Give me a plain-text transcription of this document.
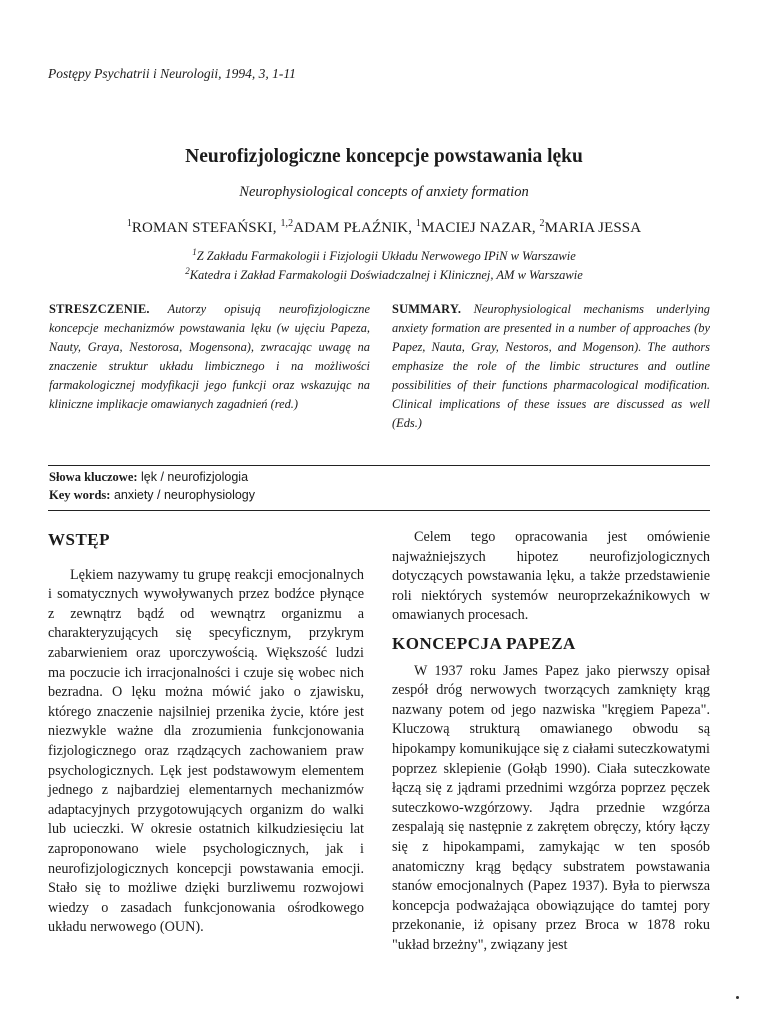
Postępy Psychatrii i Neurologii, 1994, 3, 1-11
Neurofizjologiczne koncepcje powstawania lęku
Neurophysiological concepts of anxiety formation
$^1$ROMAN STEFAŃSKI, $^{1,2}$ADAM PŁAŹNIK, $^1$MACIEJ NAZAR, $^2$MARIA JESSA
$^1$Z Zakładu Farmakologii i Fizjologii Układu Nerwowego IPiN w Warszawie
$^2$Katedra i Zakład Farmakologii Doświadczalnej i Klinicznej, AM w Warszawie
STRESZCZENIE. Autorzy opisują neurofizjologiczne koncepcje mechanizmów powstawania lęku (w ujęciu Papeza, Nauty, Graya, Nestorosa, Mogensona), zwracając uwagę na znaczenie struktur układu limbicznego i na możliwości farmakologicznej modyfikacji jego funkcji oraz wskazując na kliniczne implikacje omawianych zagadnień (red.)
SUMMARY. Neurophysiological mechanisms underlying anxiety formation are presented in a number of approaches (by Papez, Nauta, Gray, Nestoros, and Mogenson). The authors emphasize the role of the limbic structures and outline possibilities of their functions pharmacological modification. Clinical implications of these issues are discussed as well (Eds.)
Słowa kluczowe: lęk / neurofizjologia
Key words: anxiety / neurophysiology
WSTĘP

Lękiem nazywamy tu grupę reakcji emocjonalnych i somatycznych wywoływanych przez bodźce płynące z zewnątrz bądź od wewnątrz organizmu a charakteryzujących się specyficznym, przykrym zabarwieniem oraz uporczywością. Większość ludzi ma poczucie ich irracjonalności i czuje się wobec nich bezradna. O lęku można mówić jako o zjawisku, którego znaczenie najsilniej przenika życie, które jest niezwykle ważne dla zrozumienia funkcjonowania fizjologicznego oraz rządzących zachowaniem praw psychologicznych. Lęk jest podstawowym elementem jednego z najbardziej elementarnych mechanizmów adaptacyjnych przygotowujących organizm do walki lub ucieczki. W okresie ostatnich kilkudziesięciu lat zaproponowano wiele psychologicznych, jak i neurofizjologicznych koncepcji powstawania emocji. Stało się to możliwe dzięki burzliwemu rozwojowi wiedzy o zasadach funkcjonowania ośrodkowego układu nerwowego (OUN).

Celem tego opracowania jest omówienie najważniejszych hipotez neurofizjologicznych dotyczących powstawania lęku, a także przedstawienie roli niektórych systemów neuroprzekaźnikowych w omawianych procesach.

KONCEPCJA PAPEZA

W 1937 roku James Papez jako pierwszy opisał zespół dróg nerwowych tworzących zamknięty krąg nazwany potem od jego nazwiska "kręgiem Papeza". Kluczową strukturą omawianego obwodu są hipokampy komunikujące się z ciałami suteczkowatymi poprzez sklepienie (Gołąb 1990). Ciała suteczkowate łączą się z jądrami przednimi wzgórza poprzez pęczek suteczkowo-wzgórzowy. Jądra przednie wzgórza zespalają się następnie z zakrętem obręczy, który łączy się z hipokampami, zamykając w ten sposób anatomiczny krąg będący substratem powstawania stanów emocjonalnych (Papez 1937). Była to pierwsza koncepcja podważająca obowiązujące do tamtej pory przekonanie, iż opisany przez Broca w 1878 roku "układ brzeżny", związany jest
